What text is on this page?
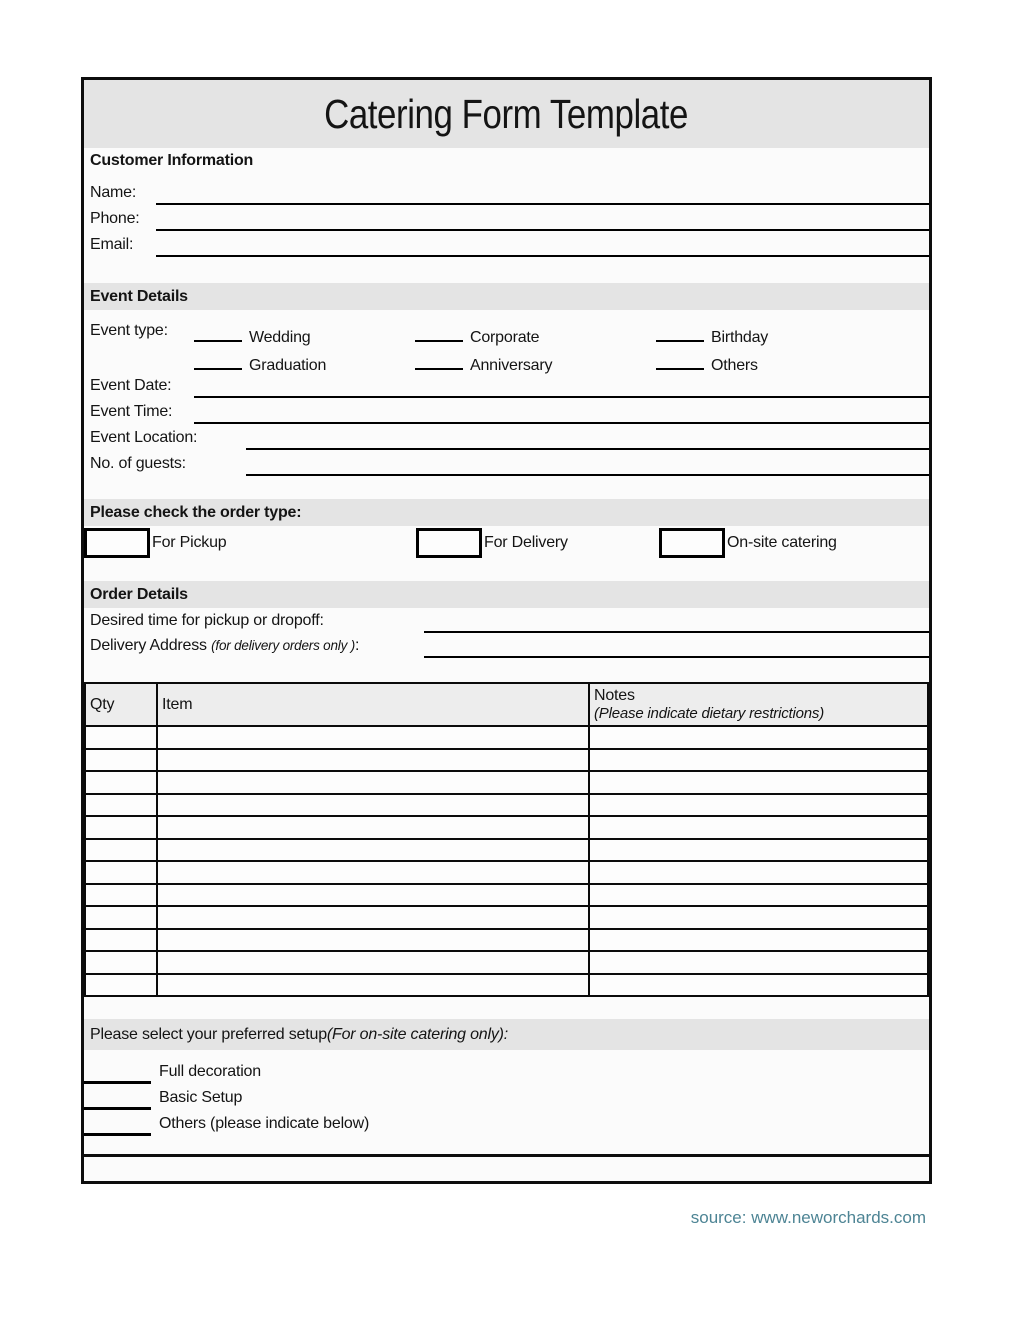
Catering Form Template
Customer Information
Name:
Phone:
Email:
Event Details
Event type:	Wedding	Corporate	Birthday
Graduation	Anniversary	Others
Event Date:
Event Time:
Event Location:
No. of guests:
Please check the order type:
For Pickup	For Delivery	On-site catering
Order Details
Desired time for pickup or dropoff:
Delivery Address (for delivery orders only ):
Qty	Item	Notes
(Please indicate dietary restrictions)

Please select your preferred setup (For on-site catering only):
Full decoration
Basic Setup
Others (please indicate below)
source: www.neworchards.com
